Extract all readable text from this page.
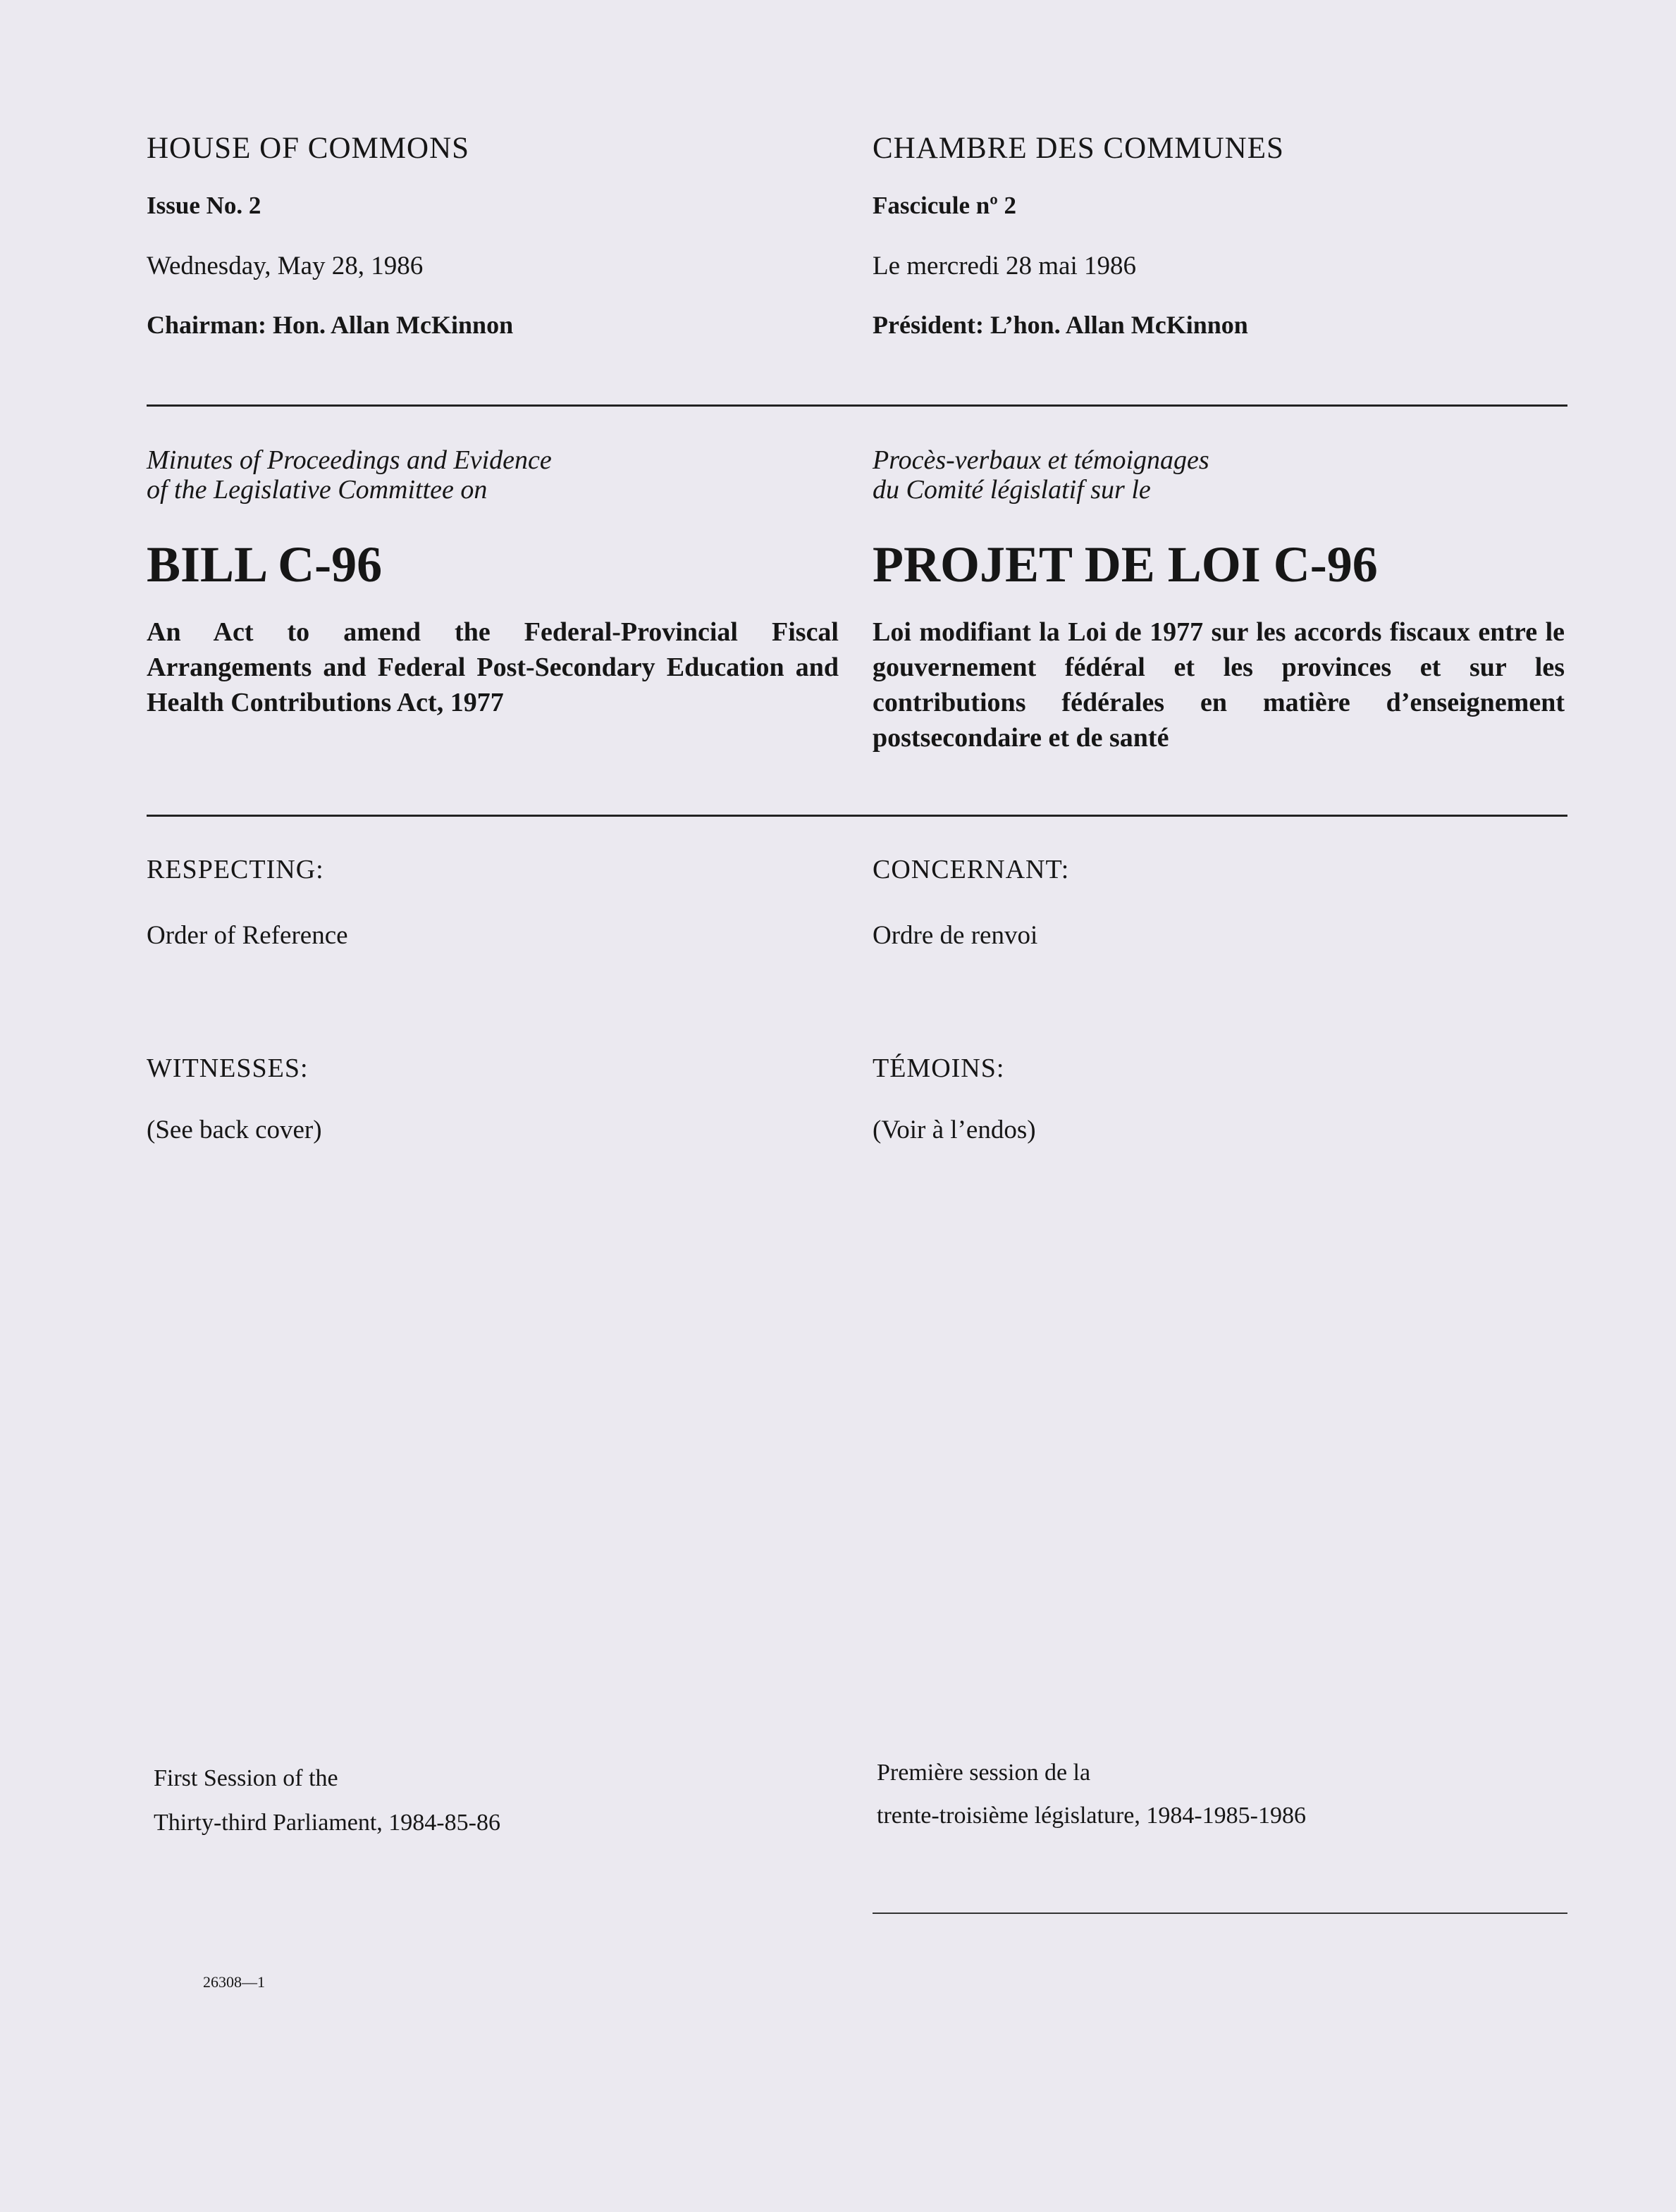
HOUSE OF COMMONS	CHAMBRE DES COMMUNES
Issue No. 2	Fascicule nº 2
Wednesday, May 28, 1986	Le mercredi 28 mai 1986
Chairman: Hon. Allan McKinnon	Président: L’hon. Allan McKinnon
Minutes of Proceedings and Evidence
of the Legislative Committee on
Procès-verbaux et témoignages
du Comité législatif sur le
BILL C-96	PROJET DE LOI C-96
An Act to amend the Federal-Provincial Fiscal Arrangements and Federal Post-Secondary Education and Health Contributions Act, 1977
Loi modifiant la Loi de 1977 sur les accords fiscaux entre le gouvernement fédéral et les provinces et sur les contributions fédérales en matière d’enseignement postsecondaire et de santé
RESPECTING:	CONCERNANT:
Order of Reference	Ordre de renvoi
WITNESSES:	TÉMOINS:
(See back cover)	(Voir à l’endos)
First Session of the
Thirty-third Parliament, 1984-85-86
Première session de la
trente-troisième législature, 1984-1985-1986
26308—1
